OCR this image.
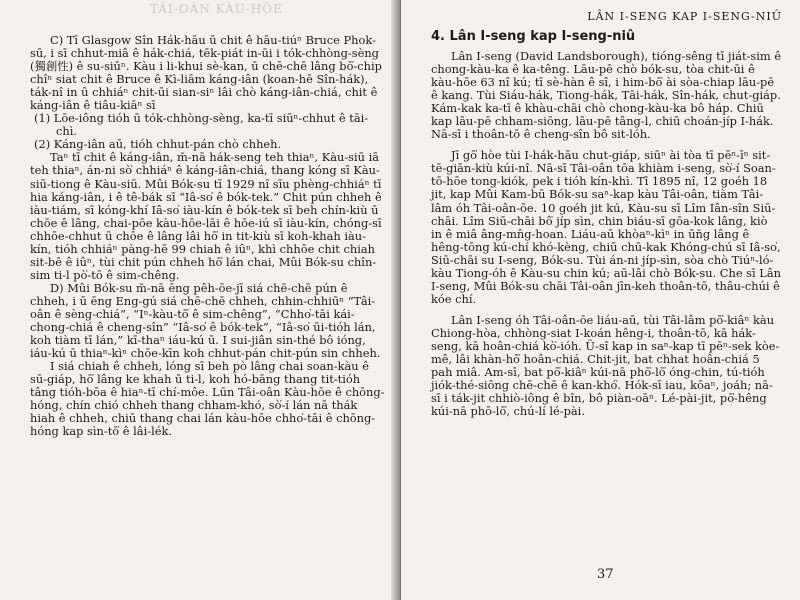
TÂI-OÂN KÀU-HŌE

C) Tī Glasgow Sîn Hák-hāu ū chit ê hāu-tiúⁿ Bruce Phok-sū, i sī chhut-miâ ê hák-chiá, tēk-piát in-ūi i tók-chhòng-sèng (獨創性) ê su-siūⁿ. Kàu i li-khui sè-kan, ū chē-chē lâng bō͘-chip chîⁿ siat chit ê Bruce ê Kì-liām káng-iân (koan-hē Sîn-hák), ták-nî in ū chhiáⁿ chit-ūi sian-siⁿ lâi chò káng-iân-chiá, chit ê káng-iân ê tiâu-kiāⁿ sī

(1) Lōe-iông tióh ū tók-chhòng-sèng, ka-tī siūⁿ-chhut ê tāi-chì.

(2) Káng-iân aū, tióh chhut-pán chò chheh.

Taⁿ tī chit ê káng-iân, m̄-nā hák-seng teh thiaⁿ, Kàu-siū iā teh thiaⁿ, án-ni sò͘ chhiáⁿ ê káng-iân-chiá, thang kóng sī Kàu-siū-tiong ê Kàu-siū. Mûi Bók-su tī 1929 nî sīu phèng-chhiáⁿ tī hia káng-iân, i ê tê-bák sī “Iâ-so͘ ê bók-tek.” Chit pún chheh ê iàu-tiám, sī kóng-khí Iâ-so͘ iàu-kín ê bók-tek sī beh chín-kiù ū chōe ê lâng, chai-pōe kàu-hōe-lāi ê hōe-iú sī iàu-kín, chóng-sī chhōe-chhut ū chōe ê lâng lâi hō͘ in tit-kiù sī koh-khah iàu-kín, tióh chhiáⁿ pàng-hē 99 chiah ê iûⁿ, khì chhōe chit chiah sit-bē ê iûⁿ, tùi chit pún chheh hō͘ lán chai, Mûi Bók-su chîn-sim ti-l pò͘-tō ê sim-chêng.

D) Mûi Bók-su m̄-nā ēng pêh-ōe-jī siá chē-chē pún ê chheh, i ū ēng Eng-gú siá chē-chē chheh, chhin-chhiūⁿ “Tâi-oân ê sèng-chiá”, “Iⁿ-kàu-tō͘ ê sim-chêng”, “Chho͘-tāi kái-chong-chiá ê cheng-sîn” “Iâ-so͘ ê bók-tek”, “Iâ-so͘ ūi-tióh lán, koh tiàm tī lán,” kī-thaⁿ iáu-kú ū. I sui-jiân sin-thé bô ióng, iáu-kú ū thiaⁿ-kìⁿ chōe-kīn koh chhut-pán chit-pún sin chheh.

I siá chiah ê chheh, lóng sī beh pò lâng chai soan-kàu ê sū-giáp, hō͘ lâng ke khah ū ti-l, koh hó-bāng thang tit-tióh tâng tióh-bōa ê hiaⁿ-tī chí-môe. Lūn Tâi-oân Kàu-hōe ê chōng-hóng, chín chió chheh thang chham-khó, sò͘-í lán nā thák hiah ê chheh, chiū thang chai lán kàu-hōe chho͘-tāi ê chōng-hóng kap sìn-tō͘ ê lâi-lék.

LÂN I-SENG KAP I-SENG-NIÛ
4. Lân I-seng kap I-seng-niû

Lân I-seng (David Landsborough), tióng-sêng tī jiát-sim ê chong-kàu-ka ê ka-têng. Lāu-pē chò bók-su, tòa chit-ūi ê kàu-hōe 63 nî kú; tī sè-hàn ê sî, i him-bō͘ ài sòa-chiap lāu-pē ê kang. Tùi Siáu-hák, Tiong-hák, Tāi-hák, Sîn-hák, chut-giáp. Kám-kak ka-tī ê khàu-chāi chò chong-kàu-ka bô háp. Chiū kap lāu-pē chham-siōng, lāu-pē tâng-l, chiū choán-jíp I-hák. Nā-sī i thoân-tō ê cheng-sîn bô sit-lóh.

Jī gō͘ hòe tùi I-hák-hāu chut-giáp, siūⁿ ài tòa tī pēⁿ-īⁿ sit-tē-giān-kiù kúi-nî. Nā-sī Tâi-oân tōa khiàm i-seng, sò͘-í Soan-tō-hōe tong-kiók, pek i tióh kín-khì. Tī 1895 nî, 12 goéh 18 jit, kap Mûi Kam-bū Bók-su saⁿ-kap kàu Tâi-oân, tiàm Tâi-lâm óh Tâi-oân-ōe. 10 goéh jit kú, Kàu-su sī Lîm Iân-sîn Siū-chāi. Lîm Siū-chāi bô͘ jíp sìn, chin biáu-sī gōa-kok lâng, kiò in ê miâ âng-mn̂g-hoan. Liáu-aū khòaⁿ-kìⁿ in ūn̄g lâng ê hêng-tōng kú-chí khó-kèng, chiū chū-kak Khóng-chú sī Iâ-so͘, Siū-chāi su I-seng, Bók-su. Tùi án-ni jíp-sìn, sòa chò Tiúⁿ-ló-kàu Tiong-óh ê Kàu-su chin kú; aū-lâi chò Bók-su. Che sī Lân I-seng, Mûi Bók-su chāi Tâi-oân jīn-keh thoân-tō, thâu-chúi ê kóe chí.

Lân I-seng óh Tâi-oân-ōe liáu-aū, tùi Tâi-lâm pō͘-kiâⁿ kàu Chiong-hòa, chhòng-siat I-koán hêng-i, thoân-tō, kā hák-seng, kā hoân-chiá kò͘-ióh. Ū-sî kap in saⁿ-kap tī pēⁿ-sek kòe-mê, lâi khàn-hō͘ hoân-chiá. Chit-jit, bat chhat hoân-chiá 5 pah miâ. Am-sī, bat pō͘-kiâⁿ kúi-nā phō͘-lō͘ óng-chin, tú-tióh jiók-thé-siōng chē-chē ê kan-khó͘. Hók-sī iau, kōaⁿ, joáh; nā-sī i ták-jit chhiò-iông ê bîn, bô piàn-oāⁿ. Lé-pài-jit, pō͘-hêng kúi-nā phō-lō͘, chú-lí lé-pài.

37
